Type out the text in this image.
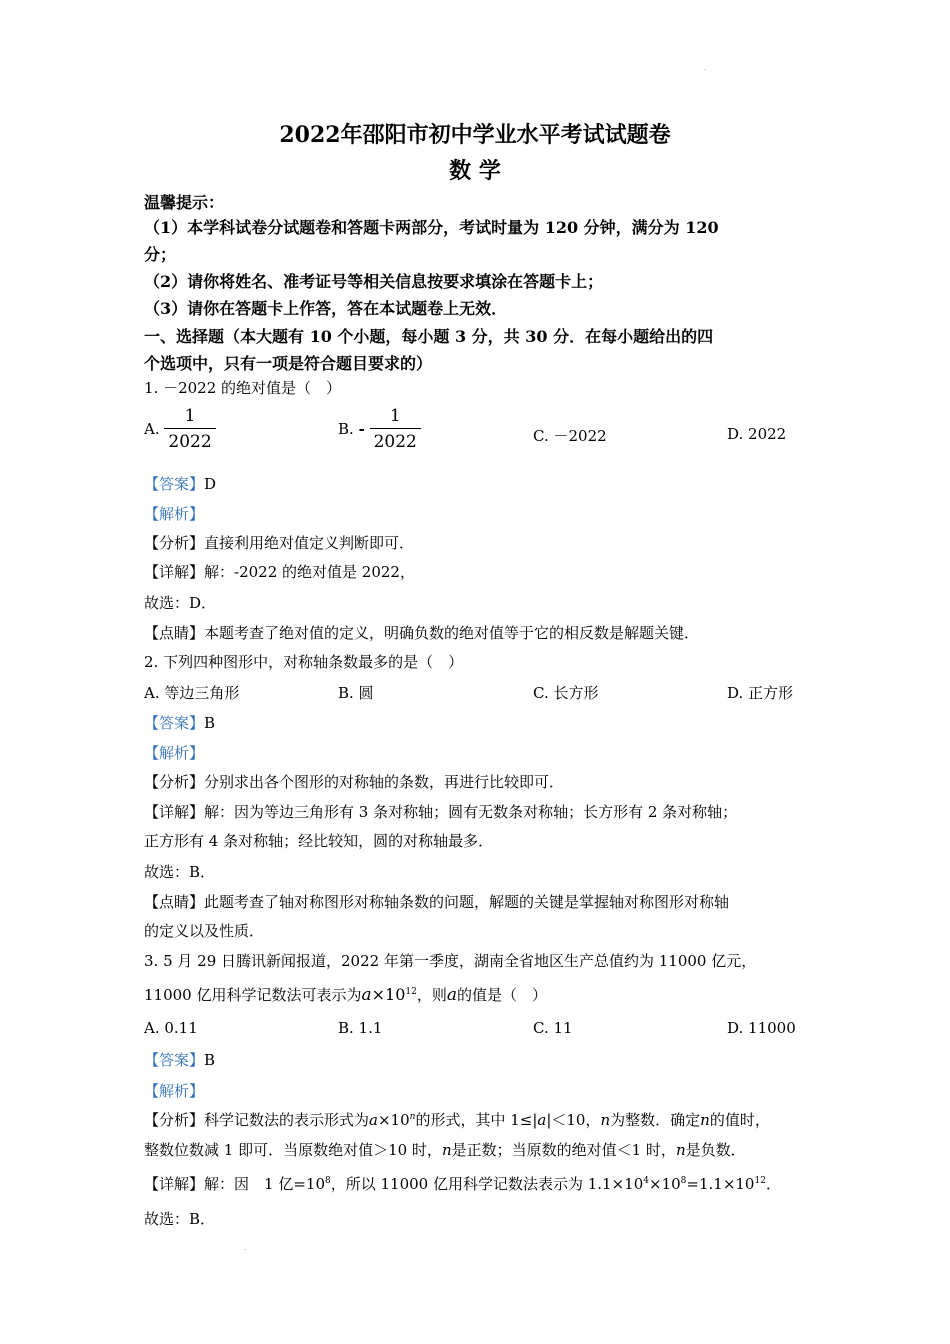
·
2022年邵阳市初中学业水平考试试题卷
数 学
温馨提示：
（1）本学科试卷分试题卷和答题卡两部分，考试时量为 120 分钟，满分为 120
分；
（2）请你将姓名、准考证号等相关信息按要求填涂在答题卡上；
（3）请你在答题卡上作答，答在本试题卷上无效．
一、选择题（本大题有 10 个小题，每小题 3 分，共 30 分．在每小题给出的四
个选项中，只有一项是符合题目要求的）
1. －2022 的绝对值是（　）
A. $\frac{1}{2022}$	B. - $\frac{1}{2022}$	C. －2022	D. 2022
【答案】D
【解析】
【分析】直接利用绝对值定义判断即可．
【详解】解：-2022 的绝对值是 2022，
故选：D．
【点睛】本题考查了绝对值的定义，明确负数的绝对值等于它的相反数是解题关键．
2. 下列四种图形中，对称轴条数最多的是（　）
A. 等边三角形	B. 圆	C. 长方形	D. 正方形
【答案】B
【解析】
【分析】分别求出各个图形的对称轴的条数，再进行比较即可．
【详解】解：因为等边三角形有 3 条对称轴；圆有无数条对称轴；长方形有 2 条对称轴；
正方形有 4 条对称轴；经比较知，圆的对称轴最多．
故选：B．
【点睛】此题考查了轴对称图形对称轴条数的问题，解题的关键是掌握轴对称图形对称轴
的定义以及性质．
3. 5 月 29 日腾讯新闻报道，2022 年第一季度，湖南全省地区生产总值约为 11000 亿元，
11000 亿用科学记数法可表示为$a\times 10^{12}$，则a的值是（　）
A. 0.11	B. 1.1	C. 11	D. 11000
【答案】B
【解析】
【分析】科学记数法的表示形式为$a\times 10^n$的形式，其中 1≤|a|＜10，n为整数．确定n的值时，
整数位数减 1 即可．当原数绝对值＞10 时，n是正数；当原数的绝对值＜1 时，n是负数．
【详解】解：因　1 亿$=10^8$，所以 11000 亿用科学记数法表示为 $1.1\times 10^4\times 10^8=1.1\times 10^{12}$．
故选：B．
·
